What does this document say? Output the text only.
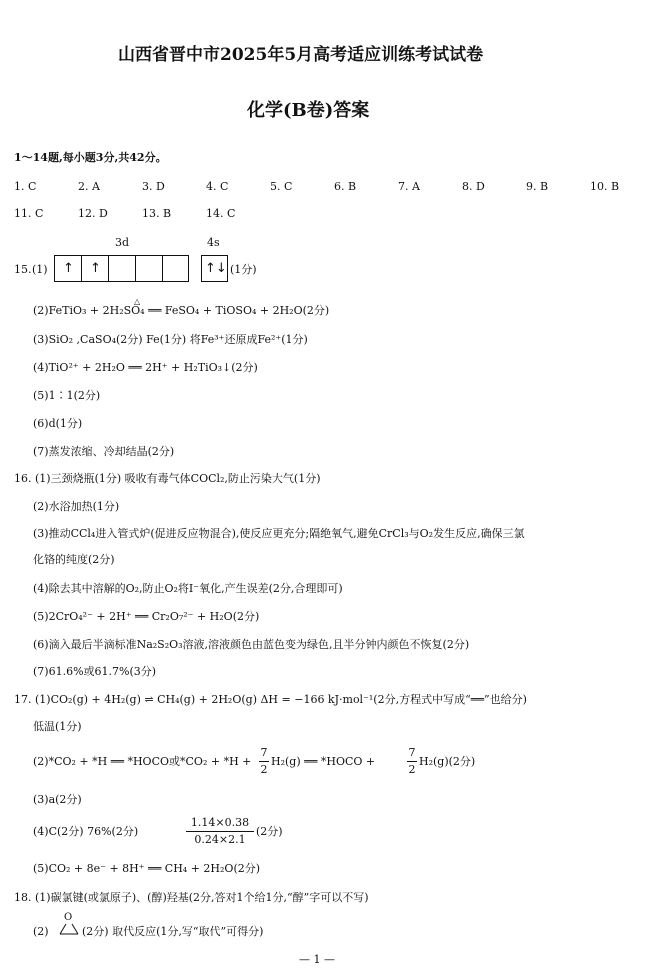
山西省晋中市2025年5月高考适应训练考试试卷
化学(B卷)答案
1～14题,每小题3分,共42分。
1. C	2. A	3. D	4. C	5. C	6. B	7. A	8. D	9. B	10. B
11. C	12. D	13. B	14. C
3d	4s
15. (1) ↑ ↑	↑↓ (1分)
△
(2)FeTiO₃ + 2H₂SO₄ ══ FeSO₄ + TiOSO₄ + 2H₂O(2分)
(3)SiO₂ ,CaSO₄(2分) Fe(1分) 将Fe³⁺还原成Fe²⁺(1分)
(4)TiO²⁺ + 2H₂O ══ 2H⁺ + H₂TiO₃↓(2分)
(5)1∶1(2分)
(6)d(1分)
(7)蒸发浓缩、冷却结晶(2分)
16. (1)三颈烧瓶(1分) 吸收有毒气体COCl₂,防止污染大气(1分)
(2)水浴加热(1分)
(3)推动CCl₄进入管式炉(促进反应物混合),使反应更充分;隔绝氧气,避免CrCl₃与O₂发生反应,确保三氯
化铬的纯度(2分)
(4)除去其中溶解的O₂,防止O₂将I⁻氧化,产生误差(2分,合理即可)
(5)2CrO₄²⁻ + 2H⁺ ══ Cr₂O₇²⁻ + H₂O(2分)
(6)滴入最后半滴标准Na₂S₂O₃溶液,溶液颜色由蓝色变为绿色,且半分钟内颜色不恢复(2分)
(7)61.6%或61.7%(3分)
17. (1)CO₂(g) + 4H₂(g) ⇌ CH₄(g) + 2H₂O(g) ΔH = −166 kJ·mol⁻¹(2分,方程式中写成“══”也给分)
低温(1分)
(2)*CO₂ + *H ══ *HOCO或*CO₂ + *H +
7
2
H₂(g) ══ *HOCO +
7
2
H₂(g)(2分)
(3)a(2分)
(4)C(2分) 76%(2分)
1.14×0.38
0.24×2.1
(2分)
(5)CO₂ + 8e⁻ + 8H⁺ ══ CH₄ + 2H₂O(2分)
18. (1)碳氯键(或氯原子)、(醇)羟基(2分,答对1个给1分,“醇”字可以不写)
(2)
O
(2分) 取代反应(1分,写“取代”可得分)
— 1 —
